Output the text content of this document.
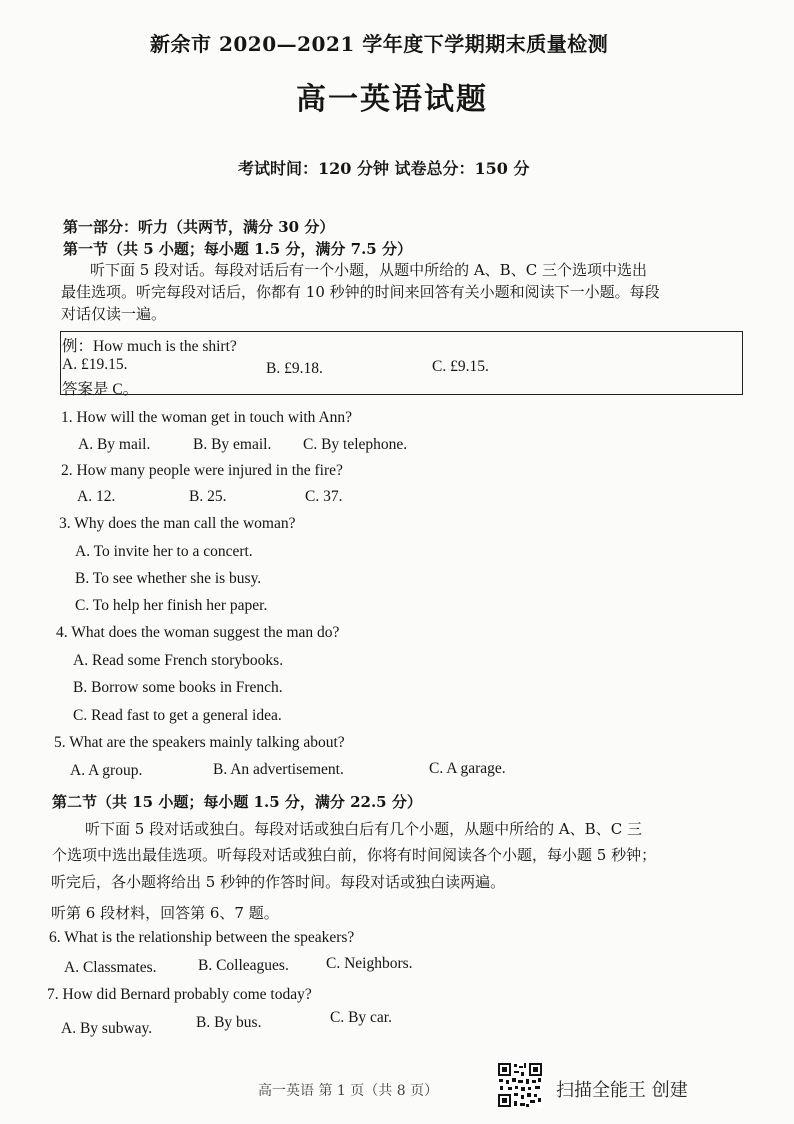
新余市 2020—2021 学年度下学期期末质量检测
高一英语试题
考试时间：120 分钟 试卷总分：150 分
第一部分：听力（共两节，满分 30 分）
第一节（共 5 小题；每小题 1.5 分，满分 7.5 分）
听下面 5 段对话。每段对话后有一个小题，从题中所给的 A、B、C 三个选项中选出
最佳选项。听完每段对话后，你都有 10 秒钟的时间来回答有关小题和阅读下一小题。每段
对话仅读一遍。
例：How much is the shirt?
A. £19.15.	B. £9.18.	C. £9.15.
答案是 C。
1. How will the woman get in touch with Ann?
A. By mail.	B. By email. C. By telephone.
2. How many people were injured in the fire?
A. 12.	B. 25.	C. 37.
3. Why does the man call the woman?
A. To invite her to a concert.
B. To see whether she is busy.
C. To help her finish her paper.
4. What does the woman suggest the man do?
A. Read some French storybooks.
B. Borrow some books in French.
C. Read fast to get a general idea.
5. What are the speakers mainly talking about?
A. A group.	B. An advertisement.	C. A garage.
第二节（共 15 小题；每小题 1.5 分，满分 22.5 分）
听下面 5 段对话或独白。每段对话或独白后有几个小题，从题中所给的 A、B、C 三
个选项中选出最佳选项。听每段对话或独白前，你将有时间阅读各个小题，每小题 5 秒钟；
听完后，各小题将给出 5 秒钟的作答时间。每段对话或独白读两遍。
听第 6 段材料，回答第 6、7 题。
6. What is the relationship between the speakers?
A. Classmates.	B. Colleagues. C. Neighbors.
7. How did Bernard probably come today?
A. By subway.	B. By bus.	C. By car.
高一英语 第 1 页（共 8 页）	扫描全能王 创建
